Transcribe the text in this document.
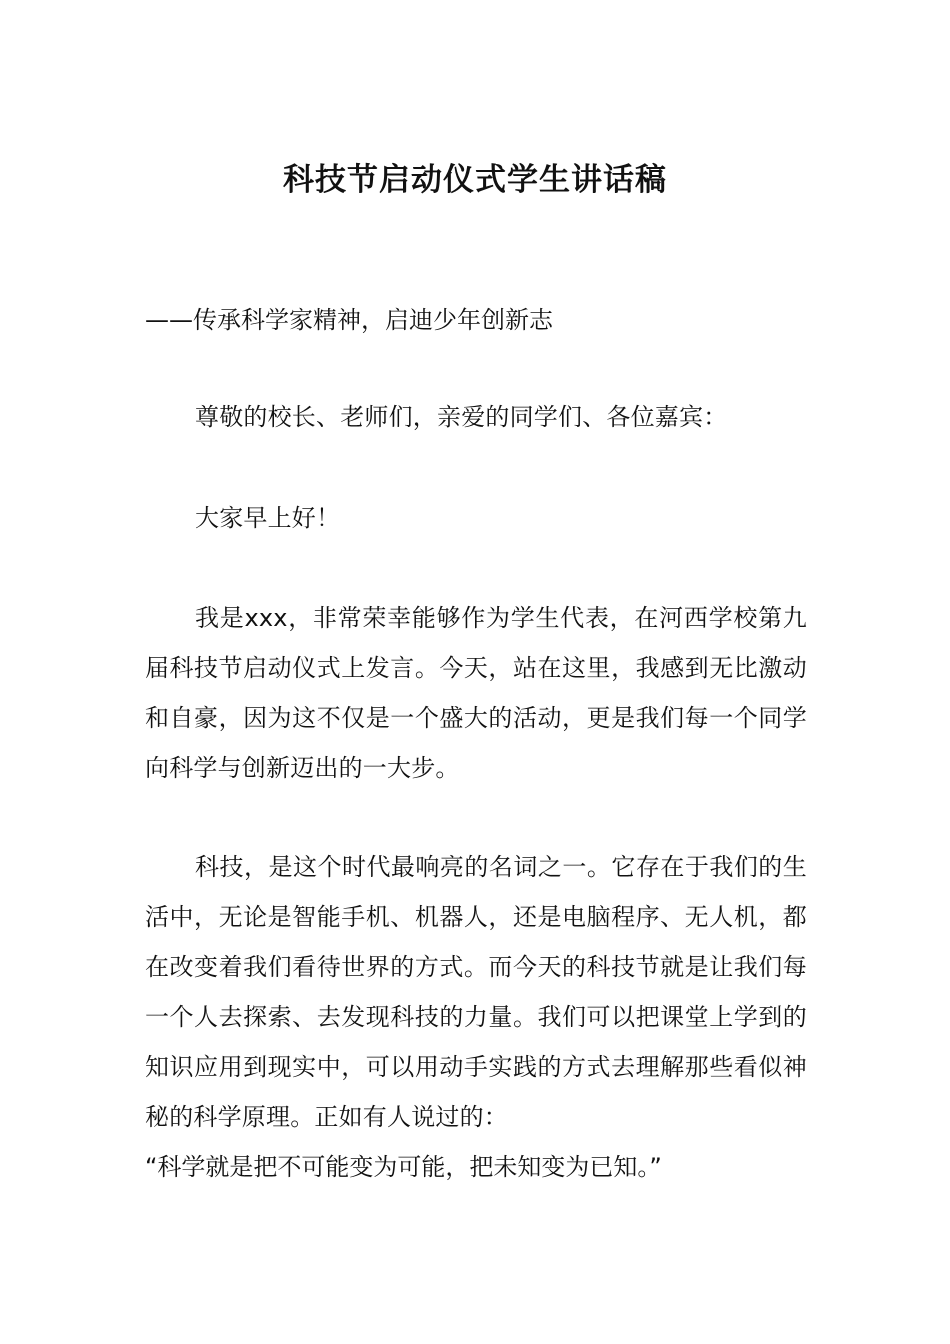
科技节启动仪式学生讲话稿

——传承科学家精神，启迪少年创新志

尊敬的校长、老师们，亲爱的同学们、各位嘉宾：

大家早上好！

我是xxx，非常荣幸能够作为学生代表，在河西学校第九届科技节启动仪式上发言。今天，站在这里，我感到无比激动和自豪，因为这不仅是一个盛大的活动，更是我们每一个同学向科学与创新迈出的一大步。

科技，是这个时代最响亮的名词之一。它存在于我们的生活中，无论是智能手机、机器人，还是电脑程序、无人机，都在改变着我们看待世界的方式。而今天的科技节就是让我们每一个人去探索、去发现科技的力量。我们可以把课堂上学到的知识应用到现实中，可以用动手实践的方式去理解那些看似神秘的科学原理。正如有人说过的：

“科学就是把不可能变为可能，把未知变为已知。”
